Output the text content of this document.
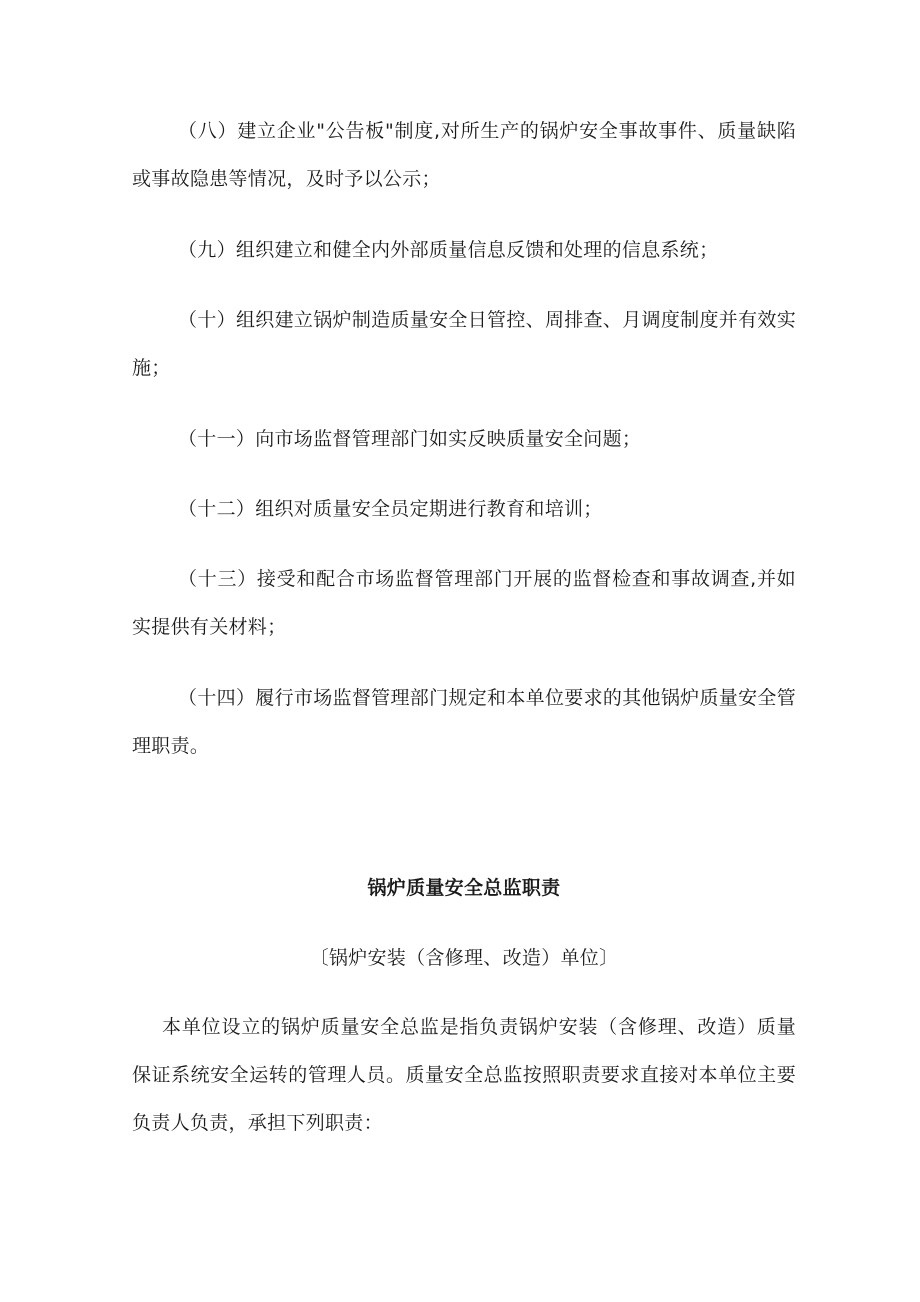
（八）建立企业"公告板"制度,对所生产的锅炉安全事故事件、质量缺陷或事故隐患等情况，及时予以公示；

（九）组织建立和健全内外部质量信息反馈和处理的信息系统；

（十）组织建立锅炉制造质量安全日管控、周排查、月调度制度并有效实施；

（十一）向市场监督管理部门如实反映质量安全问题；

（十二）组织对质量安全员定期进行教育和培训；

（十三）接受和配合市场监督管理部门开展的监督检查和事故调查,并如实提供有关材料；

（十四）履行市场监督管理部门规定和本单位要求的其他锅炉质量安全管理职责。

锅炉质量安全总监职责

〔锅炉安装（含修理、改造）单位〕

本单位设立的锅炉质量安全总监是指负责锅炉安装（含修理、改造）质量保证系统安全运转的管理人员。质量安全总监按照职责要求直接对本单位主要负责人负责，承担下列职责：
